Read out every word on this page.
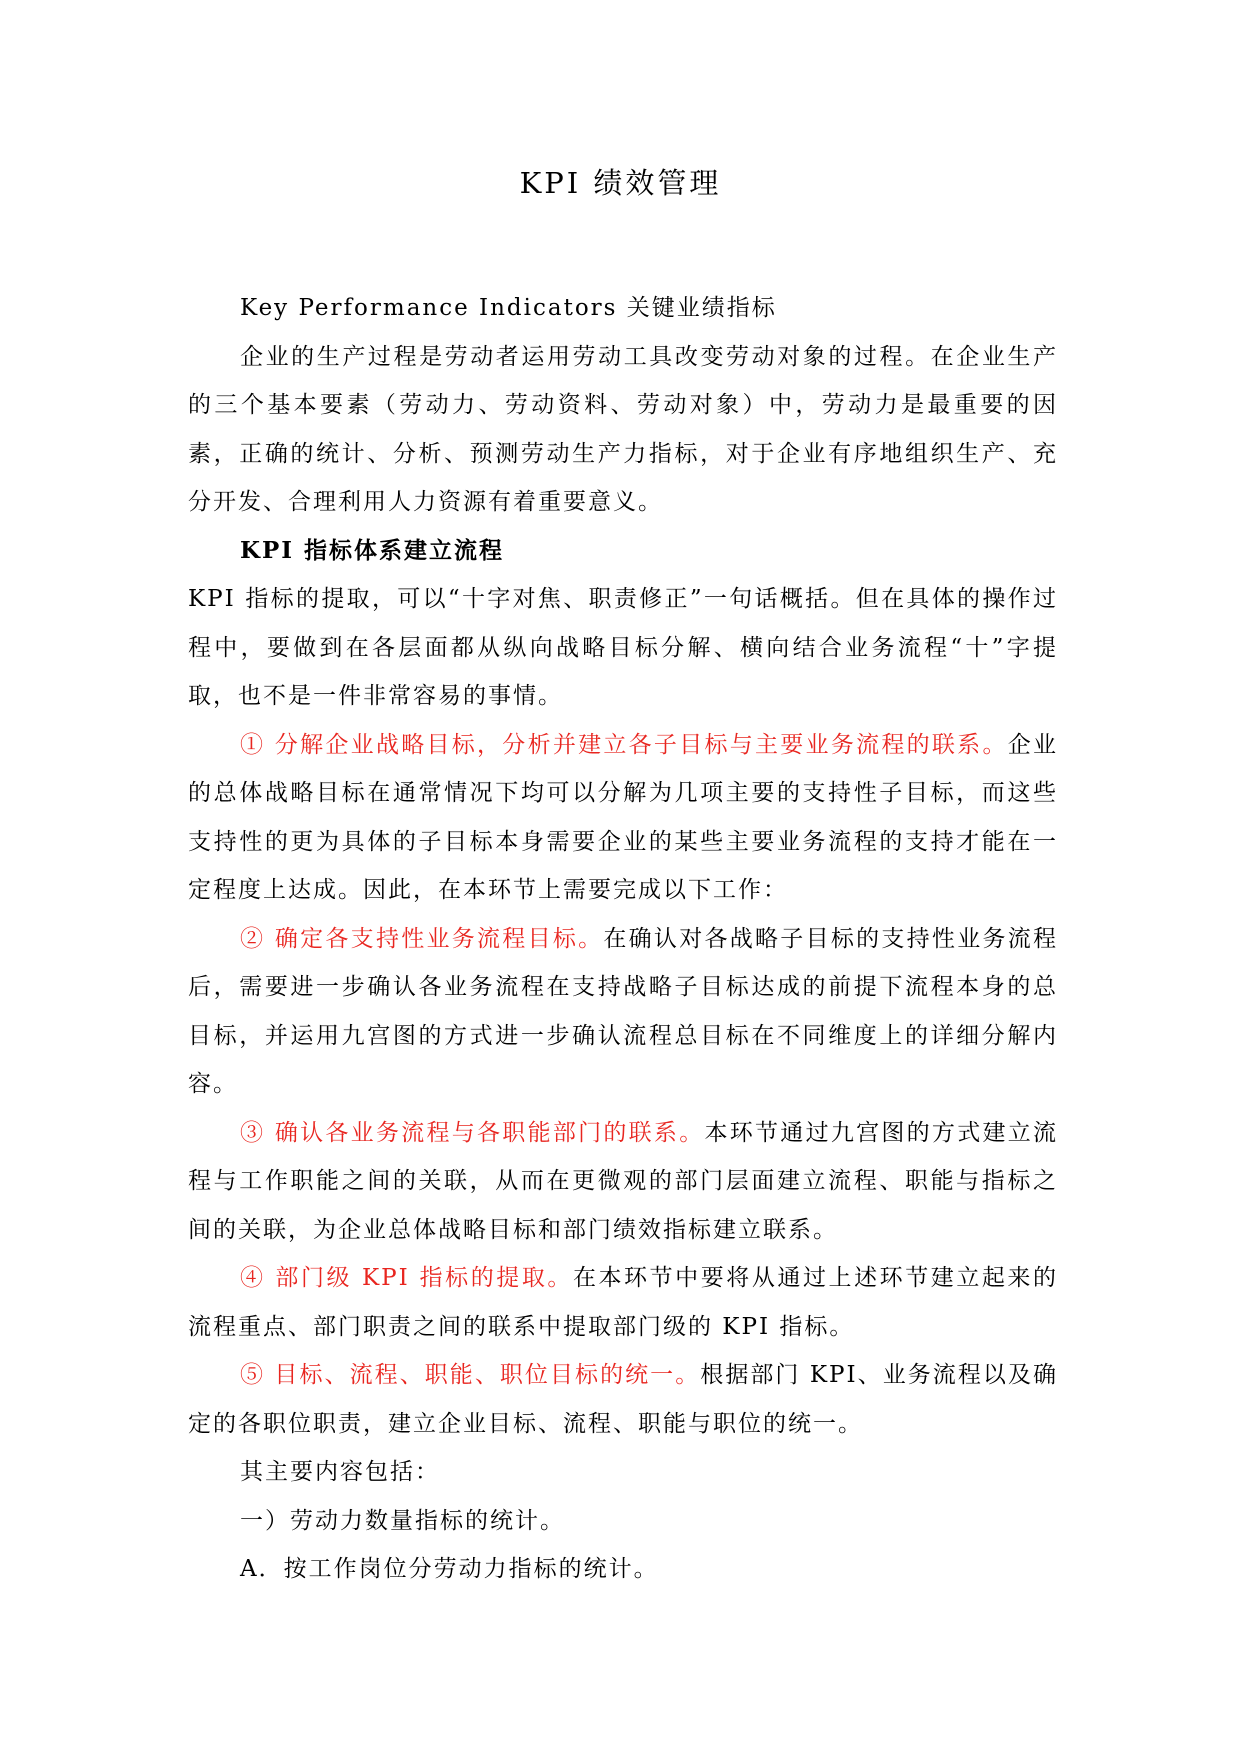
KPI 绩效管理

Key Performance Indicators 关键业绩指标

企业的生产过程是劳动者运用劳动工具改变劳动对象的过程。在企业生产的三个基本要素（劳动力、劳动资料、劳动对象）中，劳动力是最重要的因素，正确的统计、分析、预测劳动生产力指标，对于企业有序地组织生产、充分开发、合理利用人力资源有着重要意义。

KPI 指标体系建立流程

KPI 指标的提取，可以“十字对焦、职责修正”一句话概括。但在具体的操作过程中，要做到在各层面都从纵向战略目标分解、横向结合业务流程“十”字提取，也不是一件非常容易的事情。

① 分解企业战略目标，分析并建立各子目标与主要业务流程的联系。企业的总体战略目标在通常情况下均可以分解为几项主要的支持性子目标，而这些支持性的更为具体的子目标本身需要企业的某些主要业务流程的支持才能在一定程度上达成。因此，在本环节上需要完成以下工作：

② 确定各支持性业务流程目标。在确认对各战略子目标的支持性业务流程后，需要进一步确认各业务流程在支持战略子目标达成的前提下流程本身的总目标，并运用九宫图的方式进一步确认流程总目标在不同维度上的详细分解内容。

③ 确认各业务流程与各职能部门的联系。本环节通过九宫图的方式建立流程与工作职能之间的关联，从而在更微观的部门层面建立流程、职能与指标之间的关联，为企业总体战略目标和部门绩效指标建立联系。

④ 部门级 KPI 指标的提取。在本环节中要将从通过上述环节建立起来的流程重点、部门职责之间的联系中提取部门级的 KPI 指标。

⑤ 目标、流程、职能、职位目标的统一。根据部门 KPI、业务流程以及确定的各职位职责，建立企业目标、流程、职能与职位的统一。

其主要内容包括：

一）劳动力数量指标的统计。

A．按工作岗位分劳动力指标的统计。
